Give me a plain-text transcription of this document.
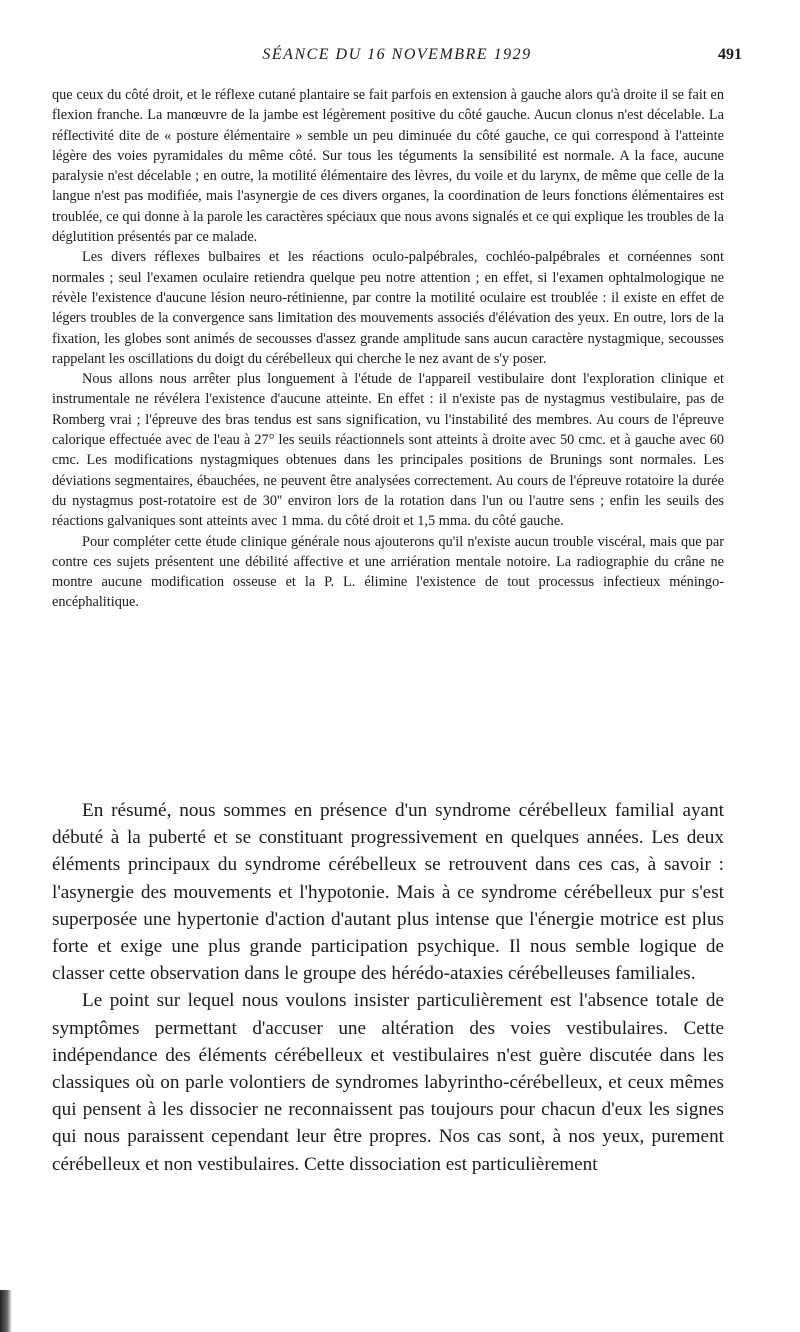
SÉANCE DU 16 NOVEMBRE 1929	491

que ceux du côté droit, et le réflexe cutané plantaire se fait parfois en extension à gauche alors qu'à droite il se fait en flexion franche. La manœuvre de la jambe est légèrement positive du côté gauche. Aucun clonus n'est décelable. La réflectivité dite de « posture élémentaire » semble un peu diminuée du côté gauche, ce qui correspond à l'atteinte légère des voies pyramidales du même côté. Sur tous les téguments la sensibilité est normale. A la face, aucune paralysie n'est décelable ; en outre, la motilité élémentaire des lèvres, du voile et du larynx, de même que celle de la langue n'est pas modifiée, mais l'asynergie de ces divers organes, la coordination de leurs fonctions élémentaires est troublée, ce qui donne à la parole les caractères spéciaux que nous avons signalés et ce qui explique les troubles de la déglutition présentés par ce malade.

Les divers réflexes bulbaires et les réactions oculo-palpébrales, cochléo-palpébrales et cornéennes sont normales ; seul l'examen oculaire retiendra quelque peu notre attention ; en effet, si l'examen ophtalmologique ne révèle l'existence d'aucune lésion neuro-rétinienne, par contre la motilité oculaire est troublée : il existe en effet de légers troubles de la convergence sans limitation des mouvements associés d'élévation des yeux. En outre, lors de la fixation, les globes sont animés de secousses d'assez grande amplitude sans aucun caractère nystagmique, secousses rappelant les oscillations du doigt du cérébelleux qui cherche le nez avant de s'y poser.

Nous allons nous arrêter plus longuement à l'étude de l'appareil vestibulaire dont l'exploration clinique et instrumentale ne révélera l'existence d'aucune atteinte. En effet : il n'existe pas de nystagmus vestibulaire, pas de Romberg vrai ; l'épreuve des bras tendus est sans signification, vu l'instabilité des membres. Au cours de l'épreuve calorique effectuée avec de l'eau à 27° les seuils réactionnels sont atteints à droite avec 50 cmc. et à gauche avec 60 cmc. Les modifications nystagmiques obtenues dans les principales positions de Brunings sont normales. Les déviations segmentaires, ébauchées, ne peuvent être analysées correctement. Au cours de l'épreuve rotatoire la durée du nystagmus post-rotatoire est de 30'' environ lors de la rotation dans l'un ou l'autre sens ; enfin les seuils des réactions galvaniques sont atteints avec 1 mma. du côté droit et 1,5 mma. du côté gauche.

Pour compléter cette étude clinique générale nous ajouterons qu'il n'existe aucun trouble viscéral, mais que par contre ces sujets présentent une débilité affective et une arriération mentale notoire. La radiographie du crâne ne montre aucune modification osseuse et la P. L. élimine l'existence de tout processus infectieux méningo-encéphalitique.

En résumé, nous sommes en présence d'un syndrome cérébelleux familial ayant débuté à la puberté et se constituant progressivement en quelques années. Les deux éléments principaux du syndrome cérébelleux se retrouvent dans ces cas, à savoir : l'asynergie des mouvements et l'hypotonie. Mais à ce syndrome cérébelleux pur s'est superposée une hypertonie d'action d'autant plus intense que l'énergie motrice est plus forte et exige une plus grande participation psychique. Il nous semble logique de classer cette observation dans le groupe des hérédo-ataxies cérébelleuses familiales.

Le point sur lequel nous voulons insister particulièrement est l'absence totale de symptômes permettant d'accuser une altération des voies vestibulaires. Cette indépendance des éléments cérébelleux et vestibulaires n'est guère discutée dans les classiques où on parle volontiers de syndromes labyrintho-cérébelleux, et ceux mêmes qui pensent à les dissocier ne reconnaissent pas toujours pour chacun d'eux les signes qui nous paraissent cependant leur être propres. Nos cas sont, à nos yeux, purement cérébelleux et non vestibulaires. Cette dissociation est particulièrement
